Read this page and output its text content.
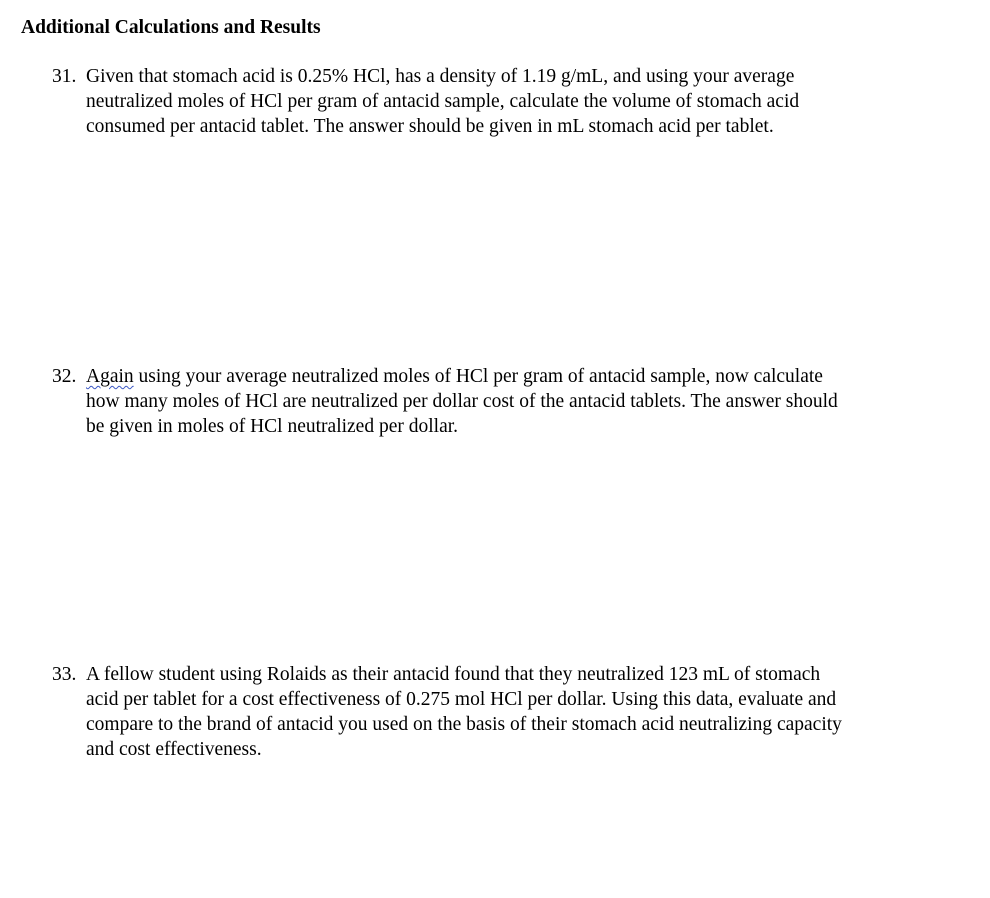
Additional Calculations and Results
31. Given that stomach acid is 0.25% HCl, has a density of 1.19 g/mL, and using your average
neutralized moles of HCl per gram of antacid sample, calculate the volume of stomach acid
consumed per antacid tablet. The answer should be given in mL stomach acid per tablet.
32. Again using your average neutralized moles of HCl per gram of antacid sample, now calculate
how many moles of HCl are neutralized per dollar cost of the antacid tablets. The answer should
be given in moles of HCl neutralized per dollar.
33. A fellow student using Rolaids as their antacid found that they neutralized 123 mL of stomach
acid per tablet for a cost effectiveness of 0.275 mol HCl per dollar. Using this data, evaluate and
compare to the brand of antacid you used on the basis of their stomach acid neutralizing capacity
and cost effectiveness.
